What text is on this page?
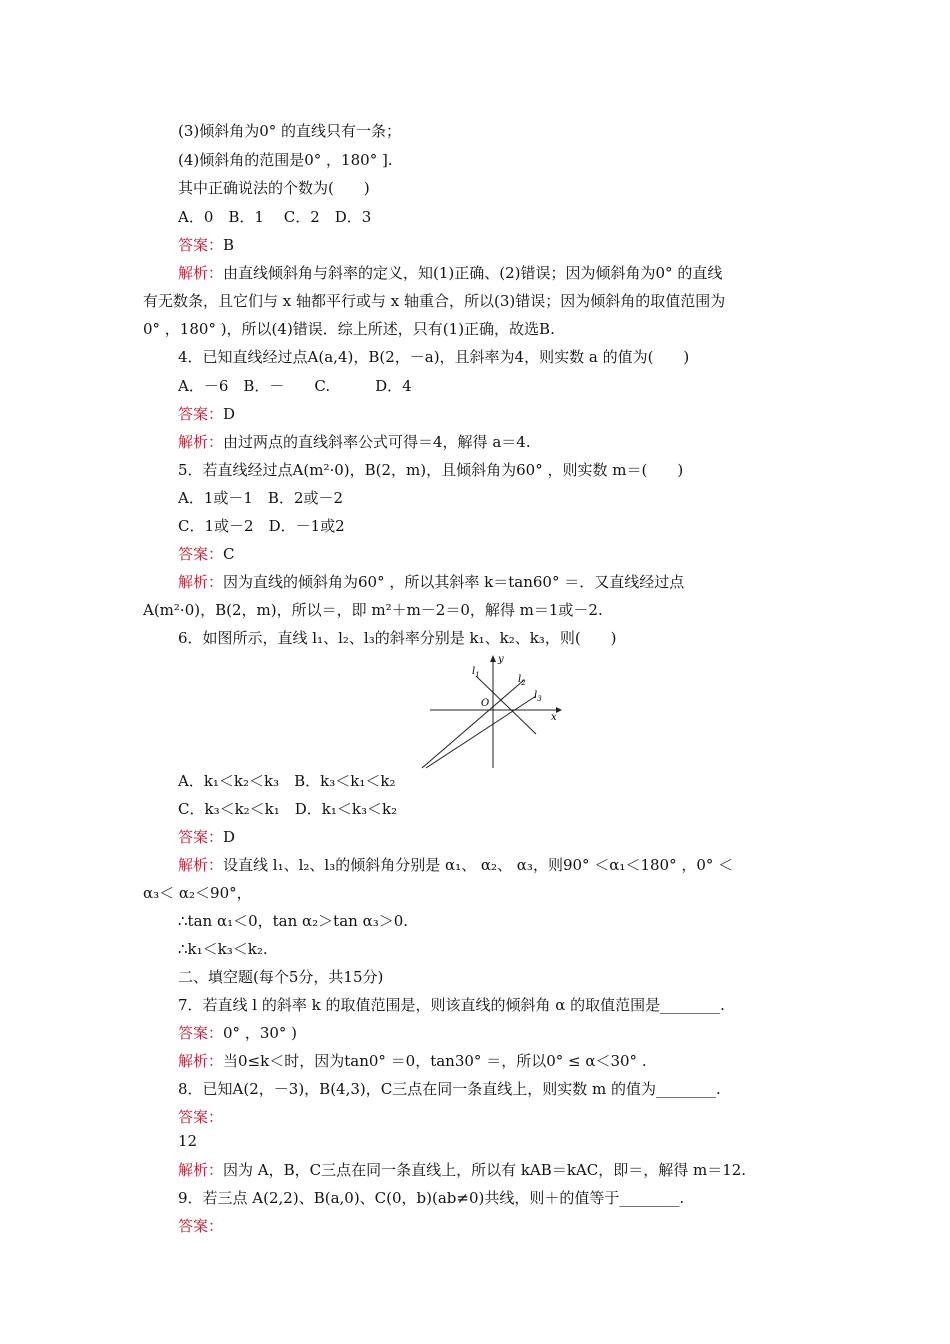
(3)倾斜角为0° 的直线只有一条；
(4)倾斜角的范围是0° ，180° ].
其中正确说法的个数为(　　)
A．0　B．1　 C．2　D．3
答案：B
解析：由直线倾斜角与斜率的定义，知(1)正确、(2)错误；因为倾斜角为0° 的直线
有无数条，且它们与 x 轴都平行或与 x 轴重合，所以(3)错误；因为倾斜角的取值范围为
0° ，180° )，所以(4)错误．综上所述，只有(1)正确，故选B.
4．已知直线经过点A(a,4)，B(2，－a)，且斜率为4，则实数 a 的值为(　　)
A．－6　B．－　　C.　　　D．4
答案：D
解析：由过两点的直线斜率公式可得＝4，解得 a＝4.
5．若直线经过点A(m²·0)，B(2，m)，且倾斜角为60° ，则实数 m＝(　　)
A．1或－1　B．2或－2
C．1或－2　D．－1或2
答案：C
解析：因为直线的倾斜角为60° ，所以其斜率 k＝tan60° ＝．又直线经过点
A(m²·0)，B(2，m)，所以＝，即 m²＋m－2＝0，解得 m＝1或－2.
6．如图所示，直线 l₁、l₂、l₃的斜率分别是 k₁、k₂、k₃，则(　　)
A．k₁＜k₂＜k₃　B．k₃＜k₁＜k₂
C．k₃＜k₂＜k₁　D．k₁＜k₃＜k₂
答案：D
解析：设直线 l₁、l₂、l₃的倾斜角分别是 α₁、 α₂、 α₃，则90° ＜α₁＜180° ，0° ＜
α₃＜ α₂＜90°，
∴tan α₁＜0，tan α₂＞tan α₃＞0.
∴k₁＜k₃＜k₂.
二、填空题(每个5分，共15分)
7．若直线 l 的斜率 k 的取值范围是，则该直线的倾斜角 α 的取值范围是________.
答案：0° ，30° )
解析：当0≤k＜时，因为tan0° ＝0，tan30° ＝，所以0° ≤ α＜30° .
8．已知A(2，－3)，B(4,3)，C三点在同一条直线上，则实数 m 的值为________.
答案：
12
解析：因为 A，B，C三点在同一条直线上，所以有 kAB＝kAC，即＝，解得 m＝12.
9．若三点 A(2,2)、B(a,0)、C(0，b)(ab≠0)共线，则＋的值等于________.
答案：
y
x
O
$l_1$	$l_2$
$l_3$
